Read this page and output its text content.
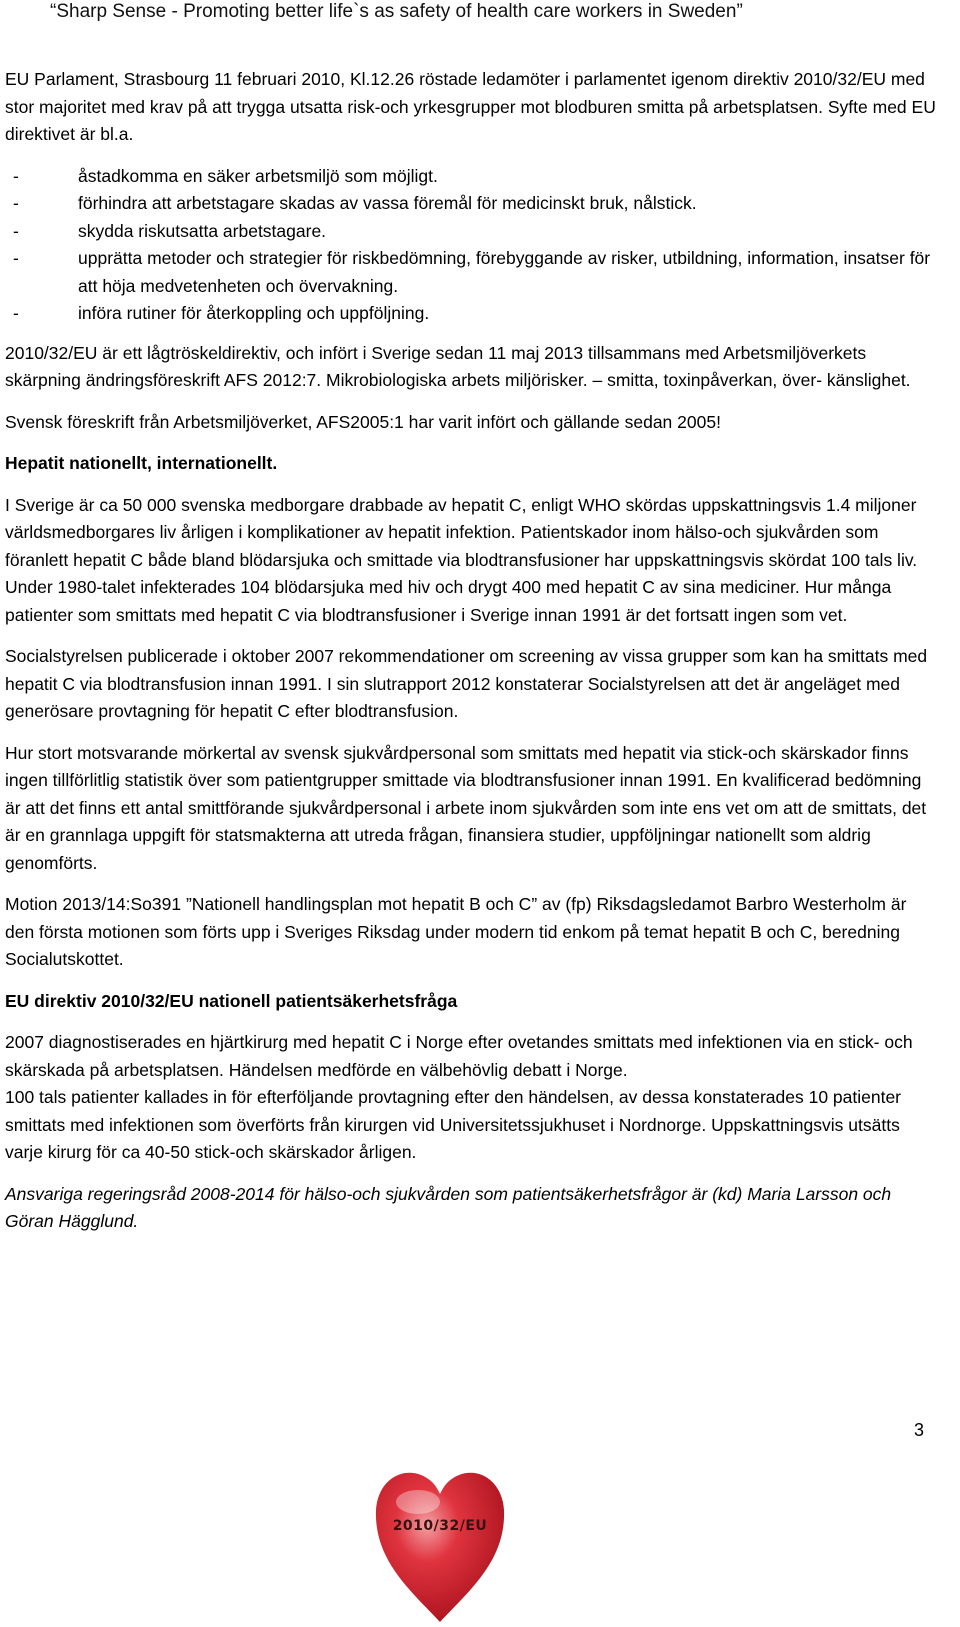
“Sharp Sense - Promoting better life`s as safety of health care workers in Sweden”

EU Parlament, Strasbourg 11 februari 2010, Kl.12.26 röstade ledamöter i parlamentet igenom direktiv 2010/32/EU med stor majoritet med krav på att trygga utsatta risk-och yrkesgrupper mot blodburen smitta på arbetsplatsen. Syfte med EU direktivet är bl.a.

-	åstadkomma en säker arbetsmiljö som möjligt.
-	förhindra att arbetstagare skadas av vassa föremål för medicinskt bruk, nålstick.
-	skydda riskutsatta arbetstagare.
-	upprätta metoder och strategier för riskbedömning, förebyggande av risker, utbildning, information, insatser för att höja medvetenheten och övervakning.
-	införa rutiner för återkoppling och uppföljning.

2010/32/EU är ett lågtröskeldirektiv, och infört i Sverige sedan 11 maj 2013 tillsammans med Arbetsmiljöverkets skärpning ändringsföreskrift AFS 2012:7. Mikrobiologiska arbets miljörisker. – smitta, toxinpåverkan, över- känslighet.

Svensk föreskrift från Arbetsmiljöverket, AFS2005:1 har varit infört och gällande sedan 2005!

Hepatit nationellt, internationellt.

I Sverige är ca 50 000 svenska medborgare drabbade av hepatit C, enligt WHO skördas uppskattningsvis 1.4 miljoner världsmedborgares liv årligen i komplikationer av hepatit infektion. Patientskador inom hälso-och sjukvården som föranlett hepatit C både bland blödarsjuka och smittade via blodtransfusioner har uppskattningsvis skördat 100 tals liv. Under 1980-talet infekterades 104 blödarsjuka med hiv och drygt 400 med hepatit C av sina mediciner. Hur många patienter som smittats med hepatit C via blodtransfusioner i Sverige innan 1991 är det fortsatt ingen som vet.

Socialstyrelsen publicerade i oktober 2007 rekommendationer om screening av vissa grupper som kan ha smittats med hepatit C via blodtransfusion innan 1991. I sin slutrapport 2012 konstaterar Socialstyrelsen att det är angeläget med generösare provtagning för hepatit C efter blodtransfusion.

Hur stort motsvarande mörkertal av svensk sjukvårdpersonal som smittats med hepatit via stick-och skärskador finns ingen tillförlitlig statistik över som patientgrupper smittade via blodtransfusioner innan 1991. En kvalificerad bedömning är att det finns ett antal smittförande sjukvårdpersonal i arbete inom sjukvården som inte ens vet om att de smittats, det är en grannlaga uppgift för statsmakterna att utreda frågan, finansiera studier, uppföljningar nationellt som aldrig genomförts.

Motion 2013/14:So391 ”Nationell handlingsplan mot hepatit B och C” av (fp) Riksdagsledamot Barbro Westerholm är den första motionen som förts upp i Sveriges Riksdag under modern tid enkom på temat hepatit B och C, beredning Socialutskottet.

EU direktiv 2010/32/EU nationell patientsäkerhetsfråga

2007 diagnostiserades en hjärtkirurg med hepatit C i Norge efter ovetandes smittats med infektionen via en stick- och skärskada på arbetsplatsen. Händelsen medförde en välbehövlig debatt i Norge.
100 tals patienter kallades in för efterföljande provtagning efter den händelsen, av dessa konstaterades 10 patienter smittats med infektionen som överförts från kirurgen vid Universitetssjukhuset i Nordnorge. Uppskattningsvis utsätts varje kirurg för ca 40-50 stick-och skärskador årligen.

Ansvariga regeringsråd 2008-2014 för hälso-och sjukvården som patientsäkerhetsfrågor är (kd) Maria Larsson och Göran Hägglund.

3
2010/32/EU
